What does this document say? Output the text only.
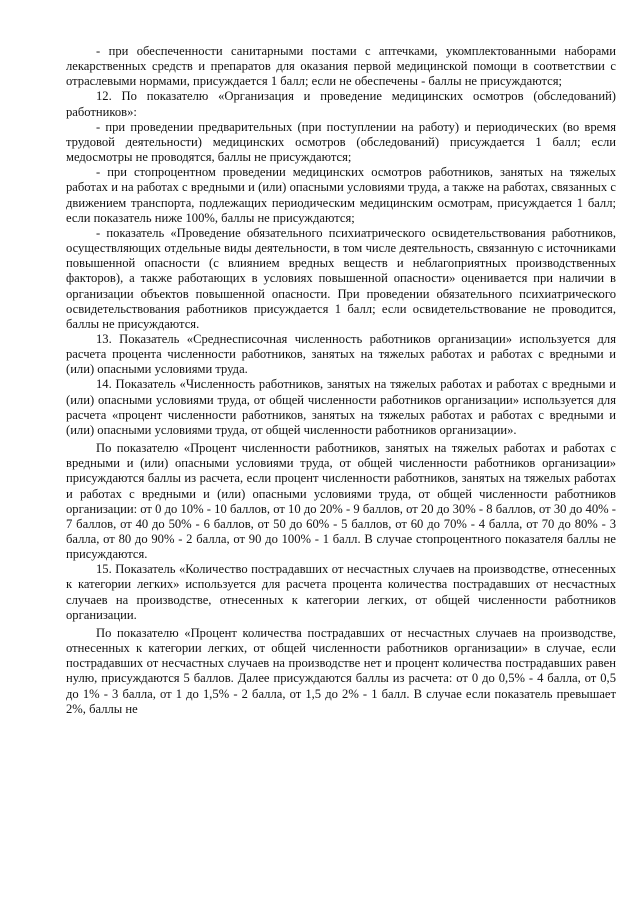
- при обеспеченности санитарными постами с аптечками, укомплектованными наборами лекарственных средств и препаратов для оказания первой медицинской помощи в соответствии с отраслевыми нормами, присуждается 1 балл; если не обеспечены - баллы не присуждаются;

12. По показателю «Организация и проведение медицинских осмотров (обследований) работников»:

- при проведении предварительных (при поступлении на работу) и периодических (во время трудовой деятельности) медицинских осмотров (обследований) присуждается 1 балл; если медосмотры не проводятся, баллы не присуждаются;

- при стопроцентном проведении медицинских осмотров работников, занятых на тяжелых работах и на работах с вредными и (или) опасными условиями труда, а также на работах, связанных с движением транспорта, подлежащих периодическим медицинским осмотрам, присуждается 1 балл; если показатель ниже 100%, баллы не присуждаются;

- показатель «Проведение обязательного психиатрического освидетельствования работников, осуществляющих отдельные виды деятельности, в том числе деятельность, связанную с источниками повышенной опасности (с влиянием вредных веществ и неблагоприятных производственных факторов), а также работающих в условиях повышенной опасности» оценивается при наличии в организации объектов повышенной опасности. При проведении обязательного психиатрического освидетельствования работников присуждается 1 балл; если освидетельствование не проводится, баллы не присуждаются.

13. Показатель «Среднесписочная численность работников организации» используется для расчета процента численности работников, занятых на тяжелых работах и работах с вредными и (или) опасными условиями труда.

14. Показатель «Численность работников, занятых на тяжелых работах и работах с вредными и (или) опасными условиями труда, от общей численности работников организации» используется для расчета «процент численности работников, занятых на тяжелых работах и работах с вредными и (или) опасными условиями труда, от общей численности работников организации».

По показателю «Процент численности работников, занятых на тяжелых работах и работах с вредными и (или) опасными условиями труда, от общей численности работников организации» присуждаются баллы из расчета, если процент численности работников, занятых на тяжелых работах и работах с вредными и (или) опасными условиями труда, от общей численности работников организации: от 0 до 10% - 10 баллов, от 10 до 20% - 9 баллов, от 20 до 30% - 8 баллов, от 30 до 40% - 7 баллов, от 40 до 50% - 6 баллов, от 50 до 60% - 5 баллов, от 60 до 70% - 4 балла, от 70 до 80% - 3 балла, от 80 до 90% - 2 балла, от 90 до 100% - 1 балл. В случае стопроцентного показателя баллы не присуждаются.

15. Показатель «Количество пострадавших от несчастных случаев на производстве, отнесенных к категории легких» используется для расчета процента количества пострадавших от несчастных случаев на производстве, отнесенных к категории легких, от общей численности работников организации.

По показателю «Процент количества пострадавших от несчастных случаев на производстве, отнесенных к категории легких, от общей численности работников организации» в случае, если пострадавших от несчастных случаев на производстве нет и процент количества пострадавших равен нулю, присуждаются 5 баллов. Далее присуждаются баллы из расчета: от 0 до 0,5% - 4 балла, от 0,5 до 1% - 3 балла, от 1 до 1,5% - 2 балла, от 1,5 до 2% - 1 балл. В случае если показатель превышает 2%, баллы не
